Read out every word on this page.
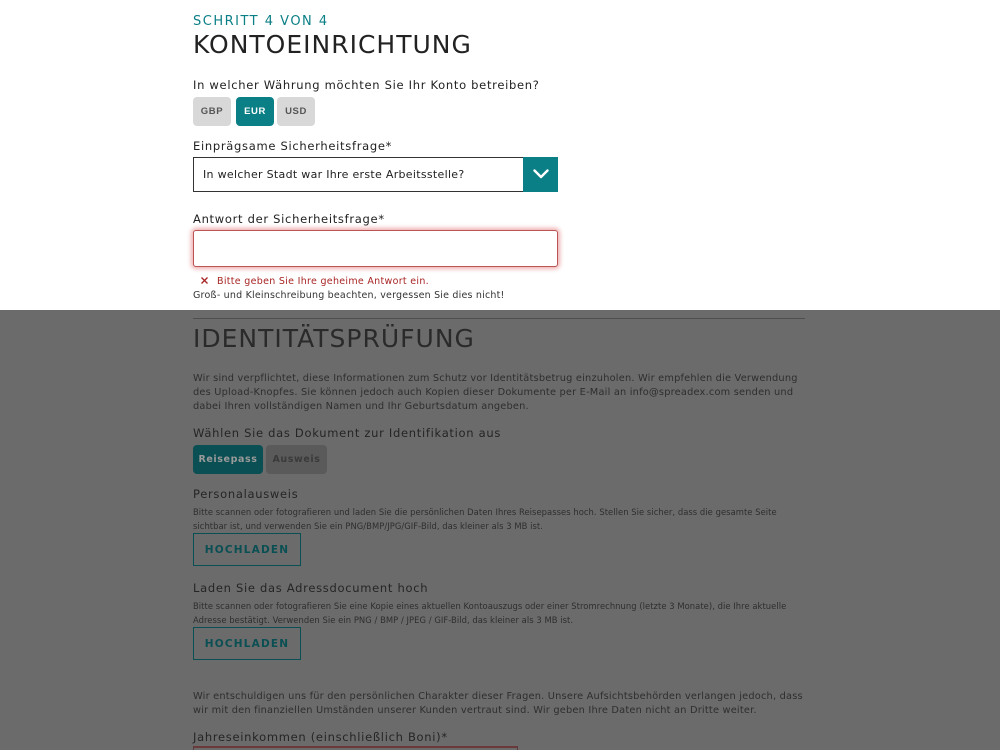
SCHRITT 4 VON 4
KONTOEINRICHTUNG
In welcher Währung möchten Sie Ihr Konto betreiben?
GBP	EUR	USD
Einprägsame Sicherheitsfrage*
In welcher Stadt war Ihre erste Arbeitsstelle?
Antwort der Sicherheitsfrage*
Bitte geben Sie Ihre geheime Antwort ein.
Groß- und Kleinschreibung beachten, vergessen Sie dies nicht!
IDENTITÄTSPRÜFUNG
Wir sind verpflichtet, diese Informationen zum Schutz vor Identitätsbetrug einzuholen. Wir empfehlen die Verwendung
des Upload-Knopfes. Sie können jedoch auch Kopien dieser Dokumente per E-Mail an info@spreadex.com senden und
dabei Ihren vollständigen Namen und Ihr Geburtsdatum angeben.
Wählen Sie das Dokument zur Identifikation aus
Reisepass	Ausweis
Personalausweis
Bitte scannen oder fotografieren und laden Sie die persönlichen Daten Ihres Reisepasses hoch. Stellen Sie sicher, dass die gesamte Seite
sichtbar ist, und verwenden Sie ein PNG/BMP/JPG/GIF-Bild, das kleiner als 3 MB ist.
HOCHLADEN
Laden Sie das Adressdocument hoch
Bitte scannen oder fotografieren Sie eine Kopie eines aktuellen Kontoauszugs oder einer Stromrechnung (letzte 3 Monate), die Ihre aktuelle
Adresse bestätigt. Verwenden Sie ein PNG / BMP / JPEG / GIF-Bild, das kleiner als 3 MB ist.
HOCHLADEN
Wir entschuldigen uns für den persönlichen Charakter dieser Fragen. Unsere Aufsichtsbehörden verlangen jedoch, dass
wir mit den finanziellen Umständen unserer Kunden vertraut sind. Wir geben Ihre Daten nicht an Dritte weiter.
Jahreseinkommen (einschließlich Boni)*
